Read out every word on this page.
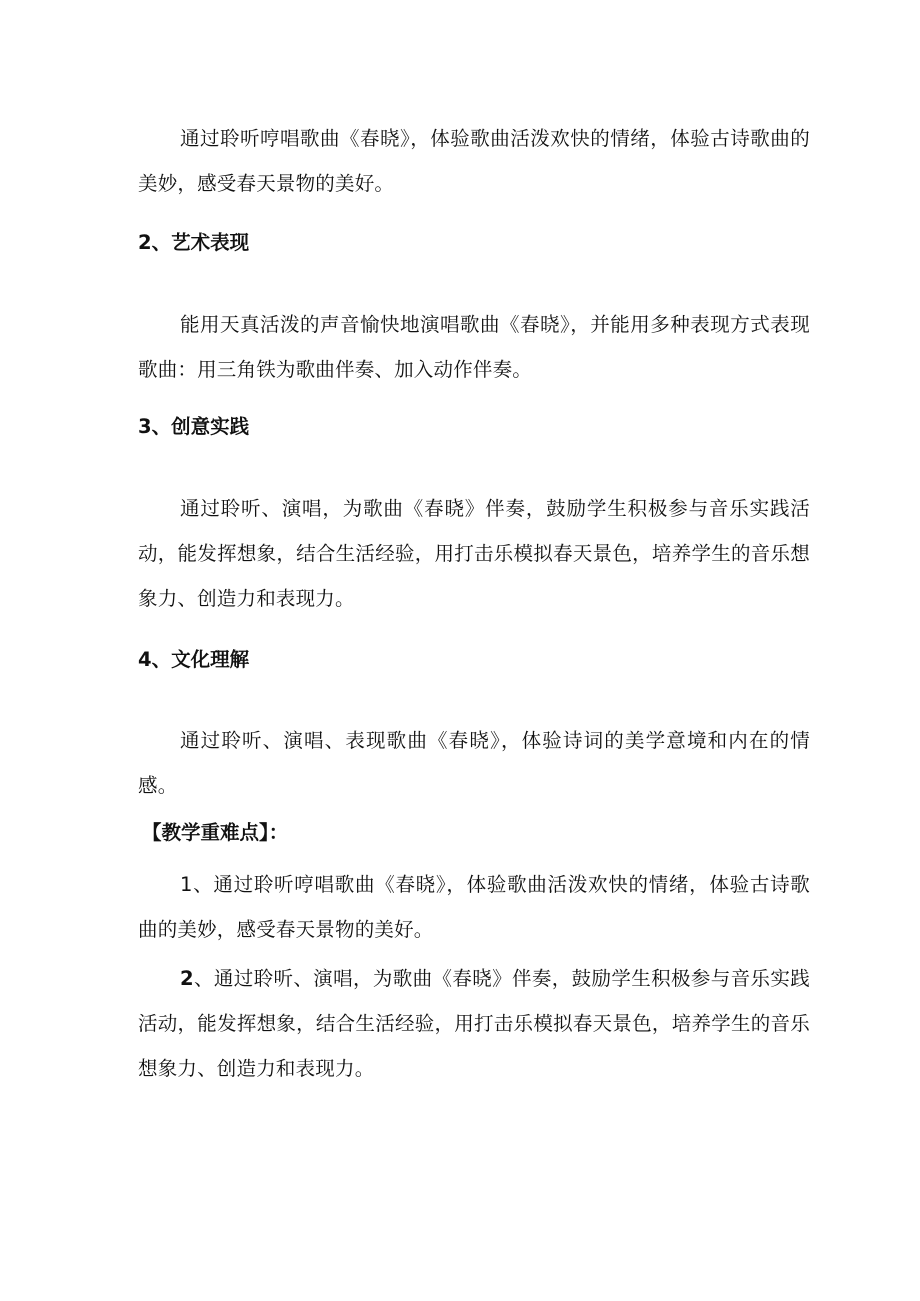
通过聆听哼唱歌曲《春晓》，体验歌曲活泼欢快的情绪，体验古诗歌曲的美妙，感受春天景物的美好。

2、艺术表现

能用天真活泼的声音愉快地演唱歌曲《春晓》，并能用多种表现方式表现歌曲：用三角铁为歌曲伴奏、加入动作伴奏。

3、创意实践

通过聆听、演唱，为歌曲《春晓》伴奏，鼓励学生积极参与音乐实践活动，能发挥想象，结合生活经验，用打击乐模拟春天景色，培养学生的音乐想象力、创造力和表现力。

4、文化理解

通过聆听、演唱、表现歌曲《春晓》，体验诗词的美学意境和内在的情感。

【教学重难点】：

1、通过聆听哼唱歌曲《春晓》，体验歌曲活泼欢快的情绪，体验古诗歌曲的美妙，感受春天景物的美好。

2、通过聆听、演唱，为歌曲《春晓》伴奏，鼓励学生积极参与音乐实践活动，能发挥想象，结合生活经验，用打击乐模拟春天景色，培养学生的音乐想象力、创造力和表现力。
